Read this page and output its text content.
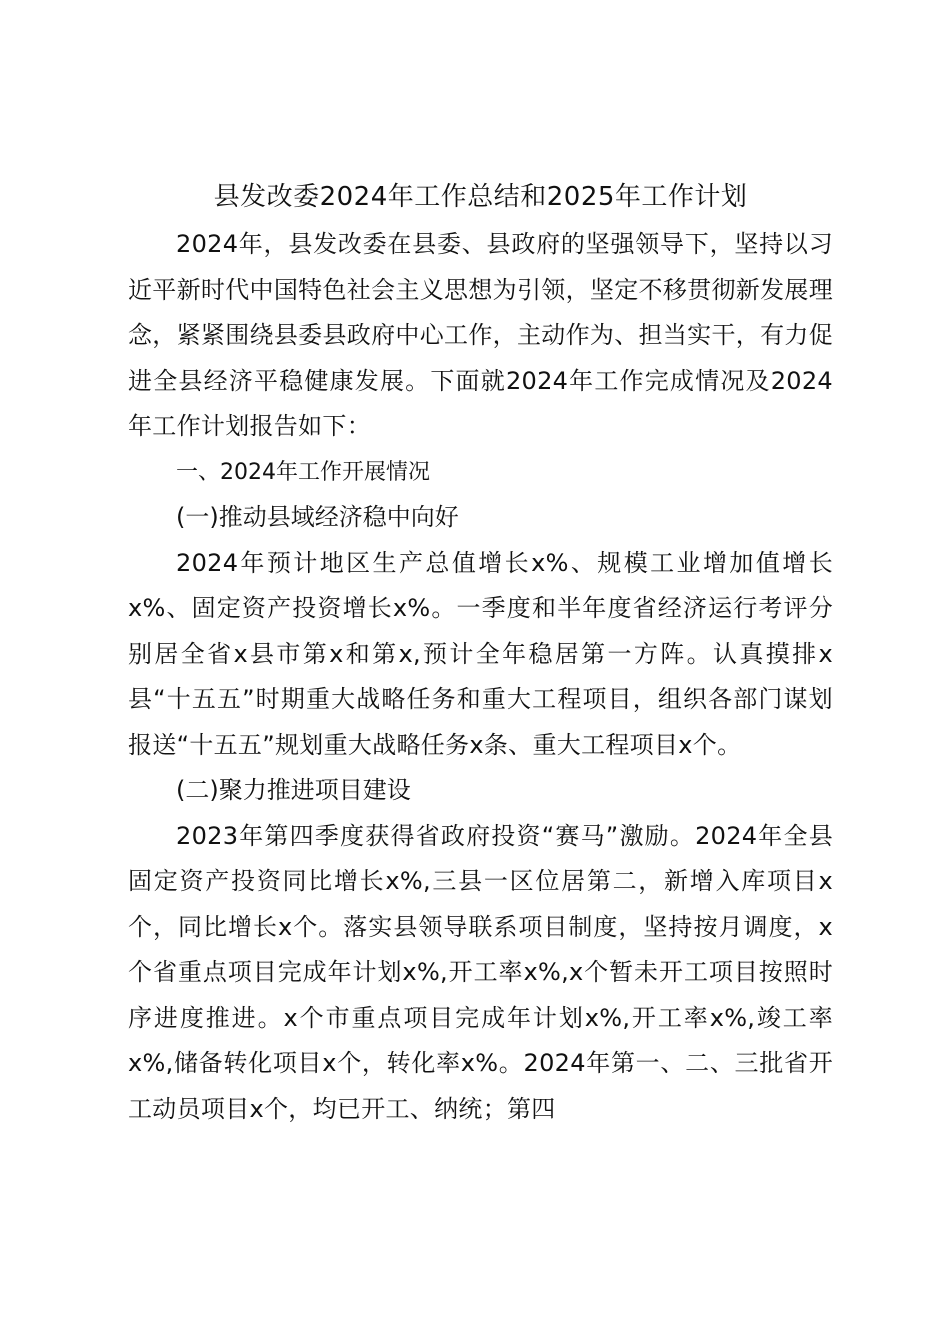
县发改委2024年工作总结和2025年工作计划

2024年，县发改委在县委、县政府的坚强领导下，坚持以习近平新时代中国特色社会主义思想为引领，坚定不移贯彻新发展理念，紧紧围绕县委县政府中心工作，主动作为、担当实干，有力促进全县经济平稳健康发展。下面就2024年工作完成情况及2024年工作计划报告如下：

一、2024年工作开展情况

(一)推动县域经济稳中向好

2024年预计地区生产总值增长x%、规模工业增加值增长x%、固定资产投资增长x%。一季度和半年度省经济运行考评分别居全省x县市第x和第x,预计全年稳居第一方阵。认真摸排x县“十五五”时期重大战略任务和重大工程项目，组织各部门谋划报送“十五五”规划重大战略任务x条、重大工程项目x个。

(二)聚力推进项目建设

2023年第四季度获得省政府投资“赛马”激励。2024年全县固定资产投资同比增长x%,三县一区位居第二，新增入库项目x个，同比增长x个。落实县领导联系项目制度，坚持按月调度，x个省重点项目完成年计划x%,开工率x%,x个暂未开工项目按照时序进度推进。x个市重点项目完成年计划x%,开工率x%,竣工率x%,储备转化项目x个，转化率x%。2024年第一、二、三批省开工动员项目x个，均已开工、纳统；第四
